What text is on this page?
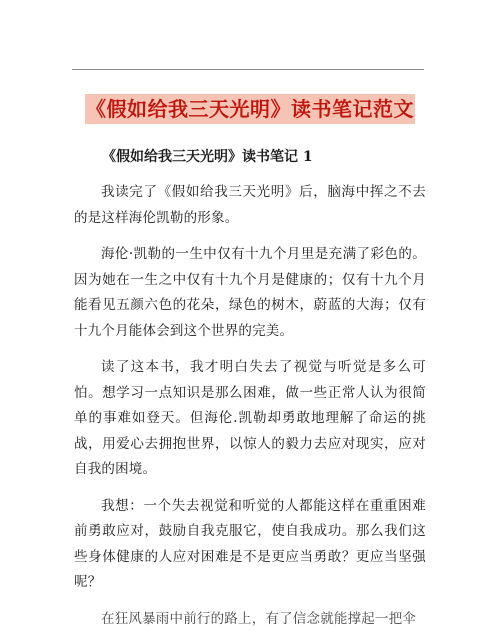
《假如给我三天光明》读书笔记范文
《假如给我三天光明》读书笔记 1

我读完了《假如给我三天光明》后，脑海中挥之不去的是这样海伦凯勒的形象。

海伦·凯勒的一生中仅有十九个月里是充满了彩色的。因为她在一生之中仅有十九个月是健康的；仅有十九个月能看见五颜六色的花朵，绿色的树木，蔚蓝的大海；仅有十九个月能体会到这个世界的完美。

读了这本书，我才明白失去了视觉与听觉是多么可怕。想学习一点知识是那么困难，做一些正常人认为很简单的事难如登天。但海伦.凯勒却勇敢地理解了命运的挑战，用爱心去拥抱世界，以惊人的毅力去应对现实，应对自我的困境。

我想：一个失去视觉和听觉的人都能这样在重重困难前勇敢应对，鼓励自我克服它，使自我成功。那么我们这些身体健康的人应对困难是不是更应当勇敢？更应当坚强呢？

在狂风暴雨中前行的路上，有了信念就能撑起一把伞
